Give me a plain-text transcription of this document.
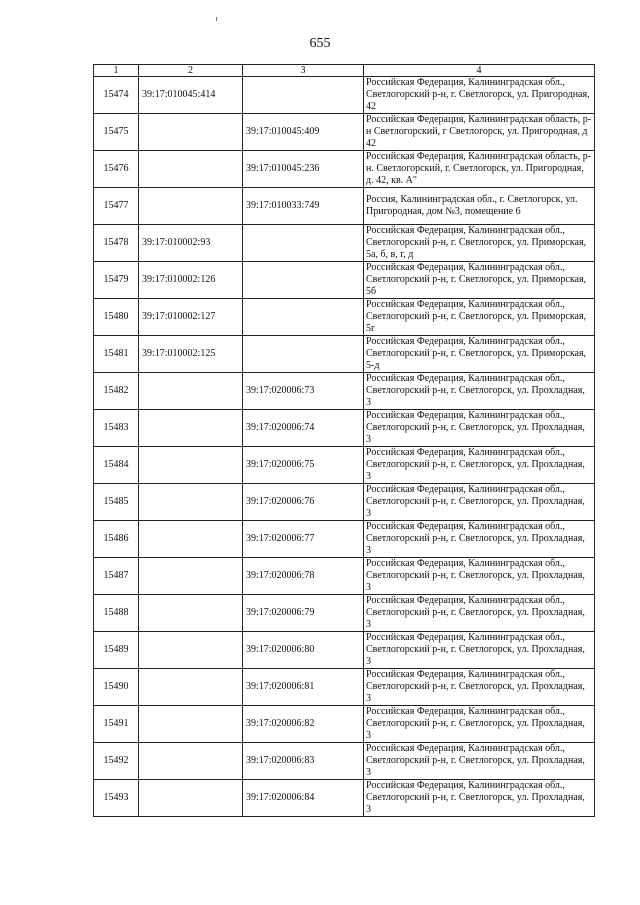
655
1	2	3	4
15474	39:17:010045:414		Российская Федерация, Калининградская обл., Светлогорский р-н, г. Светлогорск, ул. Пригородная, 42
15475		39:17:010045:409	Российская Федерация, Калининградская область, р-н Светлогорский, г Светлогорск, ул. Пригородная, д 42
15476		39:17:010045:236	Российская Федерация, Калининградская область, р-н. Светлогорский, г. Светлогорск, ул. Пригородная, д. 42, кв. А"
15477		39:17:010033:749	Россия, Калининградская обл., г. Светлогорск, ул. Пригородная, дом №3, помещение 6
15478	39:17:010002:93		Российская Федерация, Калининградская обл., Светлогорский р-н, г. Светлогорск, ул. Приморская, 5а, б, в, г, д
15479	39:17:010002:126		Российская Федерация, Калининградская обл., Светлогорский р-н, г. Светлогорск, ул. Приморская, 5б
15480	39:17:010002:127		Российская Федерация, Калининградская обл., Светлогорский р-н, г. Светлогорск, ул. Приморская, 5г
15481	39:17:010002:125		Российская Федерация, Калининградская обл., Светлогорский р-н, г. Светлогорск, ул. Приморская, 5-д
15482		39:17:020006:73	Российская Федерация, Калининградская обл., Светлогорский р-н, г. Светлогорск, ул. Прохладная, 3
15483		39:17:020006:74	Российская Федерация, Калининградская обл., Светлогорский р-н, г. Светлогорск, ул. Прохладная, 3
15484		39:17:020006:75	Российская Федерация, Калининградская обл., Светлогорский р-н, г. Светлогорск, ул. Прохладная, 3
15485		39:17:020006:76	Российская Федерация, Калининградская обл., Светлогорский р-н, г. Светлогорск, ул. Прохладная, 3
15486		39:17:020006:77	Российская Федерация, Калининградская обл., Светлогорский р-н, г. Светлогорск, ул. Прохладная, 3
15487		39:17:020006:78	Российская Федерация, Калининградская обл., Светлогорский р-н, г. Светлогорск, ул. Прохладная, 3
15488		39:17:020006:79	Российская Федерация, Калининградская обл., Светлогорский р-н, г. Светлогорск, ул. Прохладная, 3
15489		39:17:020006:80	Российская Федерация, Калининградская обл., Светлогорский р-н, г. Светлогорск, ул. Прохладная, 3
15490		39:17:020006:81	Российская Федерация, Калининградская обл., Светлогорский р-н, г. Светлогорск, ул. Прохладная, 3
15491		39:17:020006:82	Российская Федерация, Калининградская обл., Светлогорский р-н, г. Светлогорск, ул. Прохладная, 3
15492		39:17:020006:83	Российская Федерация, Калининградская обл., Светлогорский р-н, г. Светлогорск, ул. Прохладная, 3
15493		39:17:020006:84	Российская Федерация, Калининградская обл., Светлогорский р-н, г. Светлогорск, ул. Прохладная, 3
